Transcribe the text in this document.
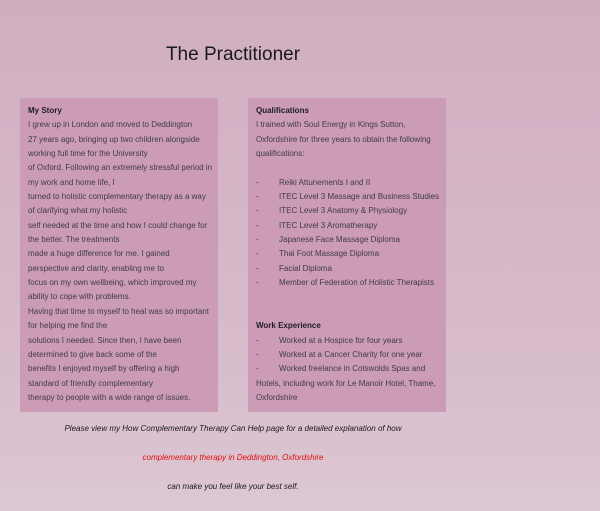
The Practitioner
My Story
I grew up in London and moved to Deddington
27 years ago, bringing up two children alongside
working full time for the University
of Oxford. Following an extremely stressful period in
my work and home life, I
turned to holistic complementary therapy as a way
of clarifying what my holistic
self needed at the time and how I could change for
the better. The treatments
made a huge difference for me. I gained
perspective and clarity, enabling me to
focus on my own wellbeing, which improved my
ability to cope with problems.
Having that time to myself to heal was so important
for helping me find the
solutions I needed. Since then, I have been
determined to give back some of the
benefits I enjoyed myself by offering a high
standard of friendly complementary
therapy to people with a wide range of issues.
Qualifications
I trained with Soul Energy in Kings Sutton,
Oxfordshire for three years to obtain the following
qualifications:
-	Reiki Attunements I and II
-	ITEC Level 3 Massage and Business Studies
-	ITEC Level 3 Anatomy & Physiology
-	ITEC Level 3 Aromatherapy
-	Japanese Face Massage Diploma
-	Thai Foot Massage Diploma
-	Facial Diploma
-	Member of Federation of Holistic Therapists
Work Experience
-	Worked at a Hospice for four years
-	Worked at a Cancer Charity for one year
-	Worked freelance in Cotswolds Spas and
Hotels, including work for Le Manoir Hotel, Thame,
Oxfordshire

Please view my How Complementary Therapy Can Help page for a detailed explanation of how

complementary therapy in Deddington, Oxfordshire

can make you feel like your best self.
